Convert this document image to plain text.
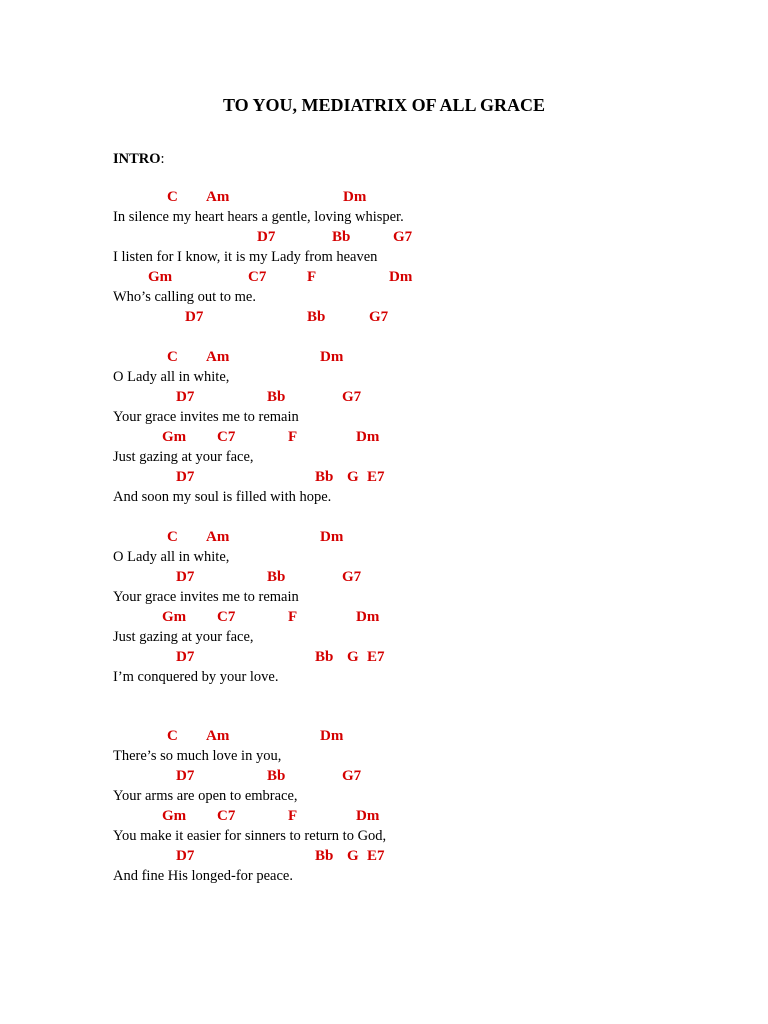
TO YOU, MEDIATRIX OF ALL GRACE
INTRO:
C Am	Dm
In silence my heart hears a gentle, loving whisper.
D7	Bb	G7
I listen for I know, it is my Lady from heaven
Gm	C7	F	Dm
Who’s calling out to me.
D7	Bb	G7
C Am	Dm
O Lady all in white,
D7	Bb	G7
Your grace invites me to remain
Gm C7	F	Dm
Just gazing at your face,
D7	Bb G E7
And soon my soul is filled with hope.
C Am	Dm
O Lady all in white,
D7	Bb	G7
Your grace invites me to remain
Gm C7	F	Dm
Just gazing at your face,
D7	Bb G E7
I’m conquered by your love.
C Am	Dm
There’s so much love in you,
D7	Bb	G7
Your arms are open to embrace,
Gm C7	F	Dm
You make it easier for sinners to return to God,
D7	Bb G E7
And fine His longed-for peace.
